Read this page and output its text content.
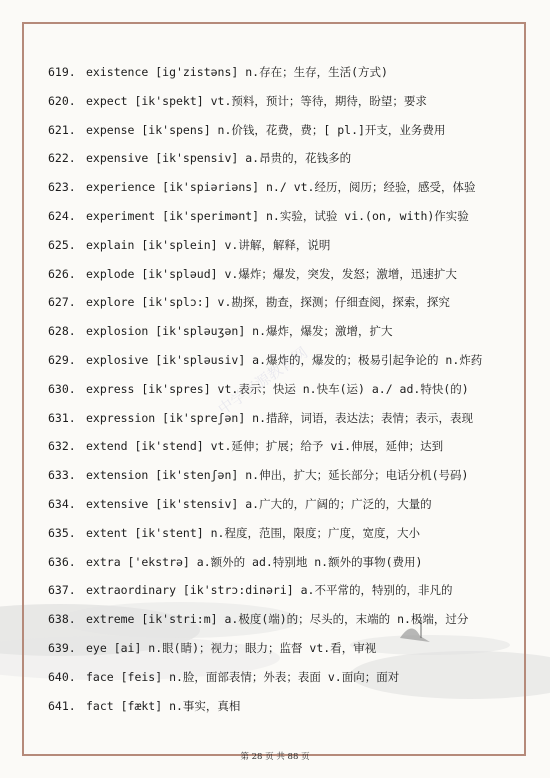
中学资源教育网
619. existence [ig'zistəns] n.存在；生存，生活(方式)
620. expect [ik'spekt] vt.预料，预计；等待，期待，盼望；要求
621. expense [ik'spens] n.价钱，花费，费；[ pl.]开支，业务费用
622. expensive [ik'spensiv] a.昂贵的，花钱多的
623. experience [ik'spiəriəns] n./ vt.经历，阅历；经验，感受，体验
624. experiment [ik'sperimənt] n.实验，试验 vi.(on, with)作实验
625. explain [ik'splein] v.讲解，解释，说明
626. explode [ik'spləud] v.爆炸；爆发，突发，发怒；激增，迅速扩大
627. explore [ik'splɔ:] v.勘探，勘查，探测；仔细查阅，探索，探究
628. explosion [ik'spləuʒən] n.爆炸，爆发；激增，扩大
629. explosive [ik'spləusiv] a.爆炸的，爆发的；极易引起争论的 n.炸药
630. express [ik'spres] vt.表示；快运 n.快车(运) a./ ad.特快(的)
631. expression [ik'spreʃən] n.措辞，词语，表达法；表情；表示，表现
632. extend [ik'stend] vt.延伸；扩展；给予 vi.伸展，延伸；达到
633. extension [ik'stenʃən] n.伸出，扩大；延长部分；电话分机(号码)
634. extensive [ik'stensiv] a.广大的，广阔的；广泛的，大量的
635. extent [ik'stent] n.程度，范围，限度；广度，宽度，大小
636. extra ['ekstrə] a.额外的 ad.特别地 n.额外的事物(费用)
637. extraordinary [ik'strɔ:dinəri] a.不平常的，特别的，非凡的
638. extreme [ik'stri:m] a.极度(端)的；尽头的，末端的 n.极端，过分
639. eye [ai] n.眼(睛)；视力；眼力；监督 vt.看，审视
640. face [feis] n.脸，面部表情；外表；表面 v.面向；面对
641. fact [fækt] n.事实，真相
第 28 页 共 88 页
